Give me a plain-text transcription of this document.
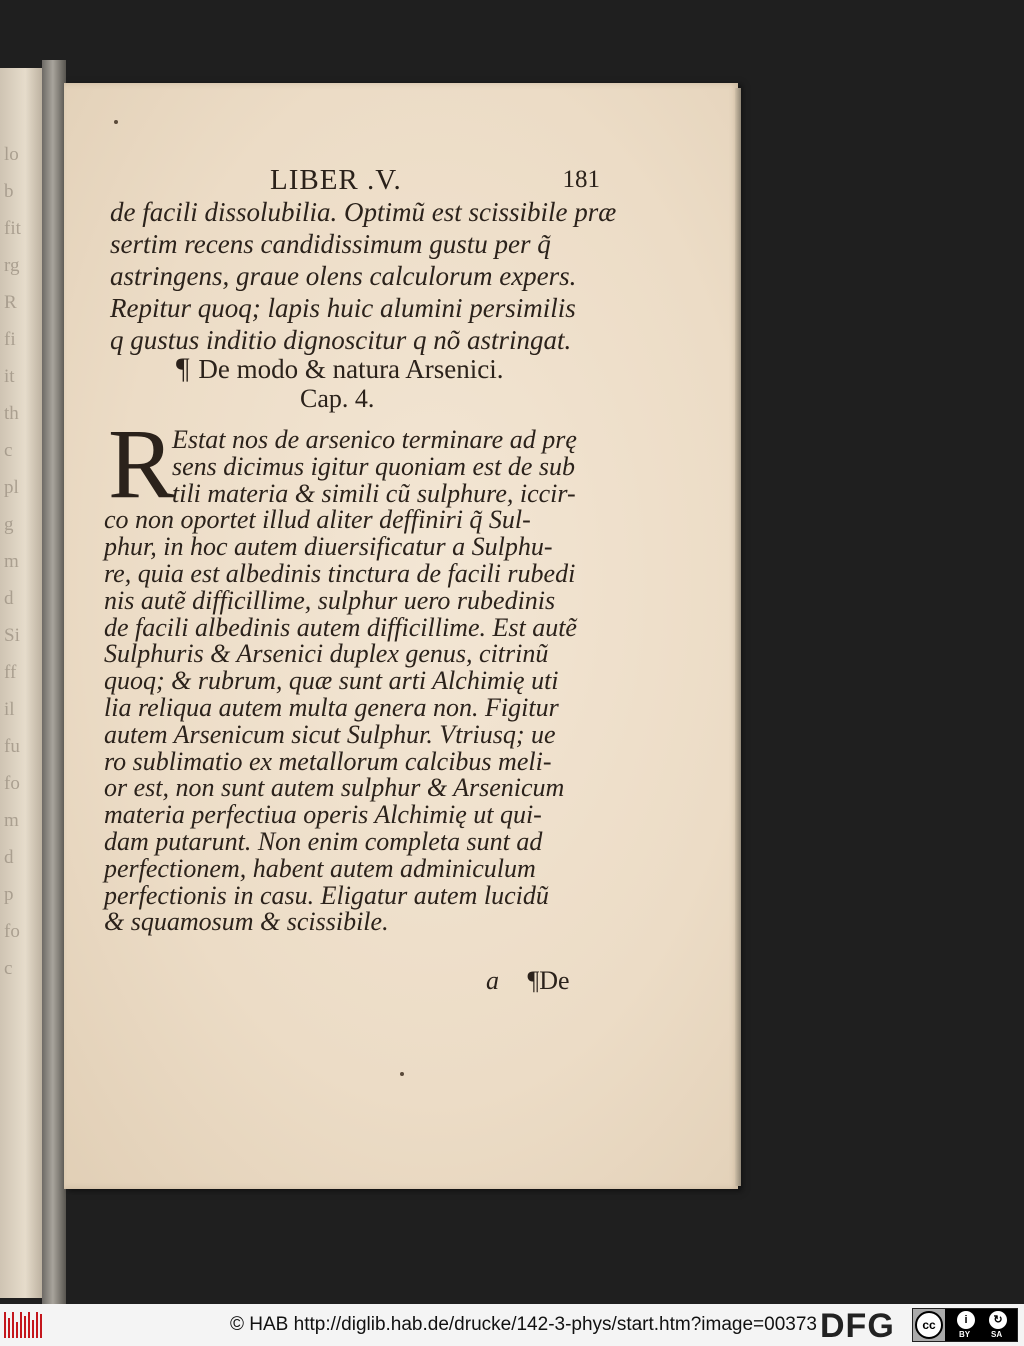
lo
b
fit
rg
R
fi
it
th
c
pl
g
m
d
Si
ff
il
fu
fo
m
d
p
fo
c
LIBER .V.	181
de facili dissolubilia. Optimũ est scissibile præ
sertim recens candidissimum gustu per q̃
astringens, graue olens calculorum expers.
Repitur quoq; lapis huic alumini persimilis
q gustus inditio dignoscitur q nõ astringat.
¶ De modo & natura Arsenici.
Cap. 4.
R
Estat nos de arsenico terminare ad prę
sens dicimus igitur quoniam est de sub
tili materia & simili cũ sulphure, iccir-
co non oportet illud aliter deffiniri q̃ Sul-
phur, in hoc autem diuersificatur a Sulphu-
re, quia est albedinis tinctura de facili rubedi
nis autẽ difficillime, sulphur uero rubedinis
de facili albedinis autem difficillime. Est autẽ
Sulphuris & Arsenici duplex genus, citrinũ
quoq; & rubrum, quæ sunt arti Alchimię uti
lia reliqua autem multa genera non. Figitur
autem Arsenicum sicut Sulphur. Vtriusq; ue
ro sublimatio ex metallorum calcibus meli-
or est, non sunt autem sulphur & Arsenicum
materia perfectiua operis Alchimię ut qui-
dam putarunt. Non enim completa sunt ad
perfectionem, habent autem adminiculum
perfectionis in casu. Eligatur autem lucidũ
& squamosum & scissibile.
a ¶De
© HAB http://diglib.hab.de/drucke/142-3-phys/start.htm?image=00373 DFG	cc	i	↻
BY	SA
